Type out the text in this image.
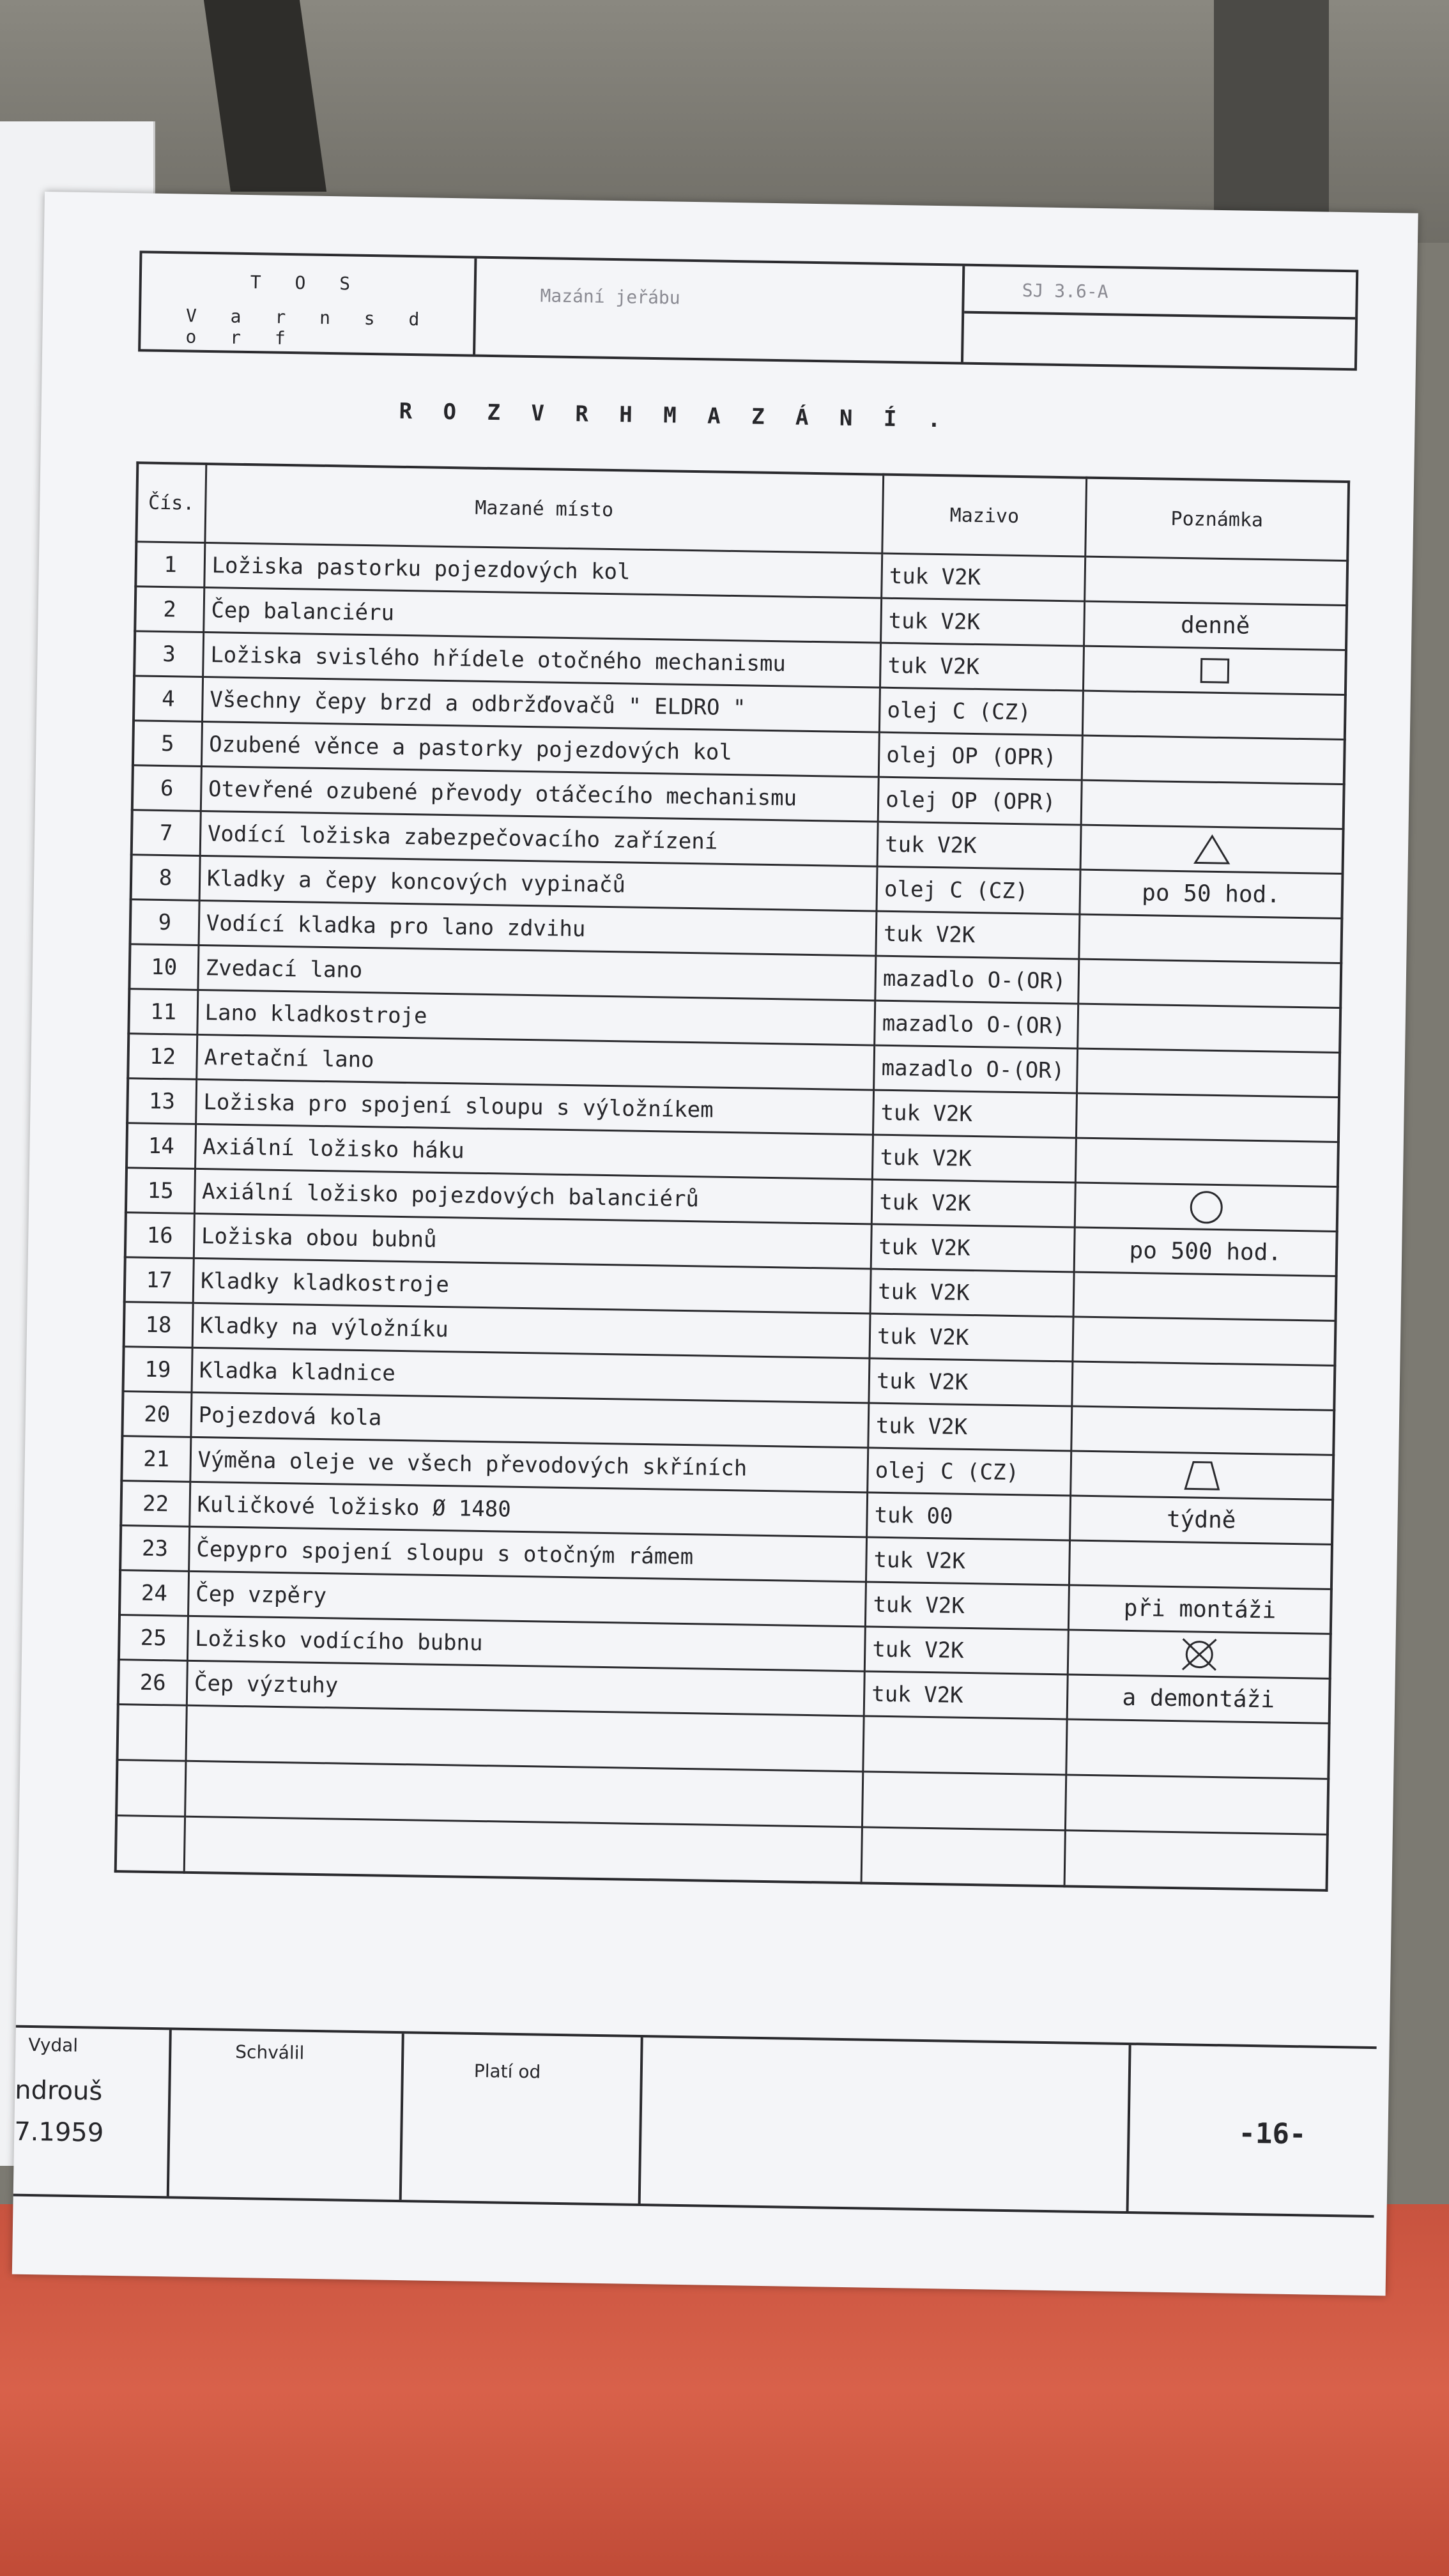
T O S
V a r n s d o r f
Mazání jeřábu	SJ 3.6-A
R O Z V R H M A Z Á N Í .
Čís.	Mazané místo	Mazivo	Poznámka
1	Ložiska pastorku pojezdových kol	tuk V2K	
2	Čep balanciéru	tuk V2K	denně
3	Ložiska svislého hřídele otočného mechanismu	tuk V2K	
4	Všechny čepy brzd a odbržďovačů " ELDRO "	olej C (CZ)	
5	Ozubené věnce a pastorky pojezdových kol	olej OP (OPR)	
6	Otevřené ozubené převody otáčecího mechanismu	olej OP (OPR)	
7	Vodící ložiska zabezpečovacího zařízení	tuk V2K	
8	Kladky a čepy koncových vypinačů	olej C (CZ)	po 50 hod.
9	Vodící kladka pro lano zdvihu	tuk V2K	
10	Zvedací lano	mazadlo O-(OR)	
11	Lano kladkostroje	mazadlo O-(OR)	
12	Aretační lano	mazadlo O-(OR)	
13	Ložiska pro spojení sloupu s výložníkem	tuk V2K	
14	Axiální ložisko háku	tuk V2K	
15	Axiální ložisko pojezdových balanciérů	tuk V2K	
16	Ložiska obou bubnů	tuk V2K	po 500 hod.
17	Kladky kladkostroje	tuk V2K	
18	Kladky na výložníku	tuk V2K	
19	Kladka kladnice	tuk V2K	
20	Pojezdová kola	tuk V2K	
21	Výměna oleje ve všech převodových skříních	olej C (CZ)	
22	Kuličkové ložisko Ø 1480	tuk 00	týdně
23	Čepypro spojení sloupu s otočným rámem	tuk V2K	
24	Čep vzpěry	tuk V2K	při montáži
25	Ložisko vodícího bubnu	tuk V2K	
26	Čep výztuhy	tuk V2K	a demontáži

Vydal
ndrouš
7.1959
Schválil
Platí od
-16-
